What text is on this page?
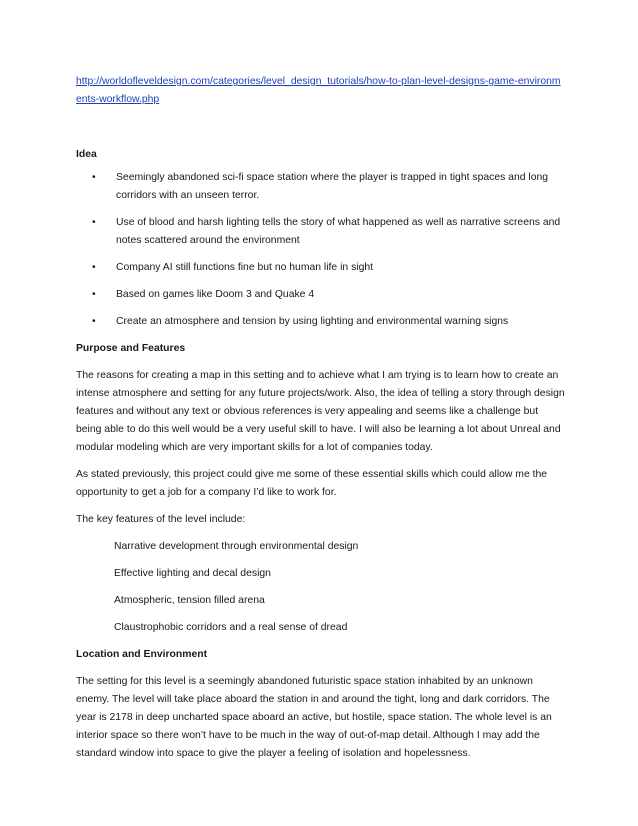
http://worldofleveldesign.com/categories/level_design_tutorials/how-to-plan-level-designs-game-environments-workflow.php

Idea

• Seemingly abandoned sci-fi space station where the player is trapped in tight spaces and long corridors with an unseen terror.
• Use of blood and harsh lighting tells the story of what happened as well as narrative screens and notes scattered around the environment
• Company AI still functions fine but no human life in sight
• Based on games like Doom 3 and Quake 4
• Create an atmosphere and tension by using lighting and environmental warning signs

Purpose and Features

The reasons for creating a map in this setting and to achieve what I am trying is to learn how to create an intense atmosphere and setting for any future projects/work. Also, the idea of telling a story through design features and without any text or obvious references is very appealing and seems like a challenge but being able to do this well would be a very useful skill to have. I will also be learning a lot about Unreal and modular modeling which are very important skills for a lot of companies today.

As stated previously, this project could give me some of these essential skills which could allow me the opportunity to get a job for a company I’d like to work for.

The key features of the level include:

Narrative development through environmental design
Effective lighting and decal design
Atmospheric, tension filled arena
Claustrophobic corridors and a real sense of dread

Location and Environment

The setting for this level is a seemingly abandoned futuristic space station inhabited by an unknown enemy. The level will take place aboard the station in and around the tight, long and dark corridors. The year is 2178 in deep uncharted space aboard an active, but hostile, space station. The whole level is an interior space so there won’t have to be much in the way of out-of-map detail. Although I may add the standard window into space to give the player a feeling of isolation and hopelessness.
